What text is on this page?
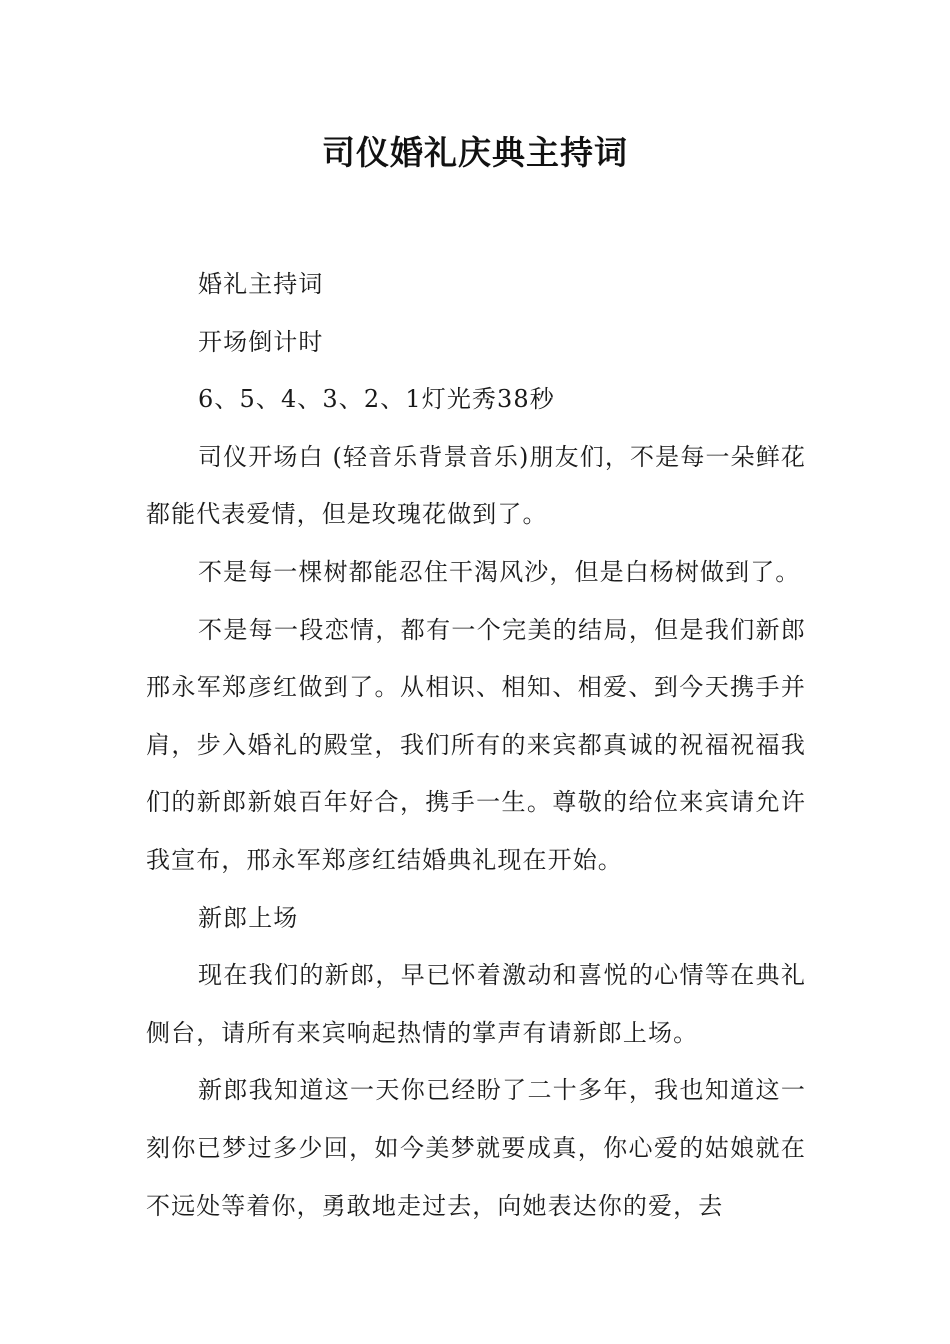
司仪婚礼庆典主持词

婚礼主持词

开场倒计时

6、5、4、3、2、1灯光秀38秒

司仪开场白 (轻音乐背景音乐)朋友们，不是每一朵鲜花都能代表爱情，但是玫瑰花做到了。

不是每一棵树都能忍住干渴风沙，但是白杨树做到了。

不是每一段恋情，都有一个完美的结局，但是我们新郎邢永军郑彦红做到了。从相识、相知、相爱、到今天携手并肩，步入婚礼的殿堂，我们所有的来宾都真诚的祝福祝福我们的新郎新娘百年好合，携手一生。尊敬的给位来宾请允许我宣布，邢永军郑彦红结婚典礼现在开始。

新郎上场

现在我们的新郎，早已怀着激动和喜悦的心情等在典礼侧台，请所有来宾响起热情的掌声有请新郎上场。

新郎我知道这一天你已经盼了二十多年，我也知道这一刻你已梦过多少回，如今美梦就要成真，你心爱的姑娘就在不远处等着你，勇敢地走过去，向她表达你的爱，去
